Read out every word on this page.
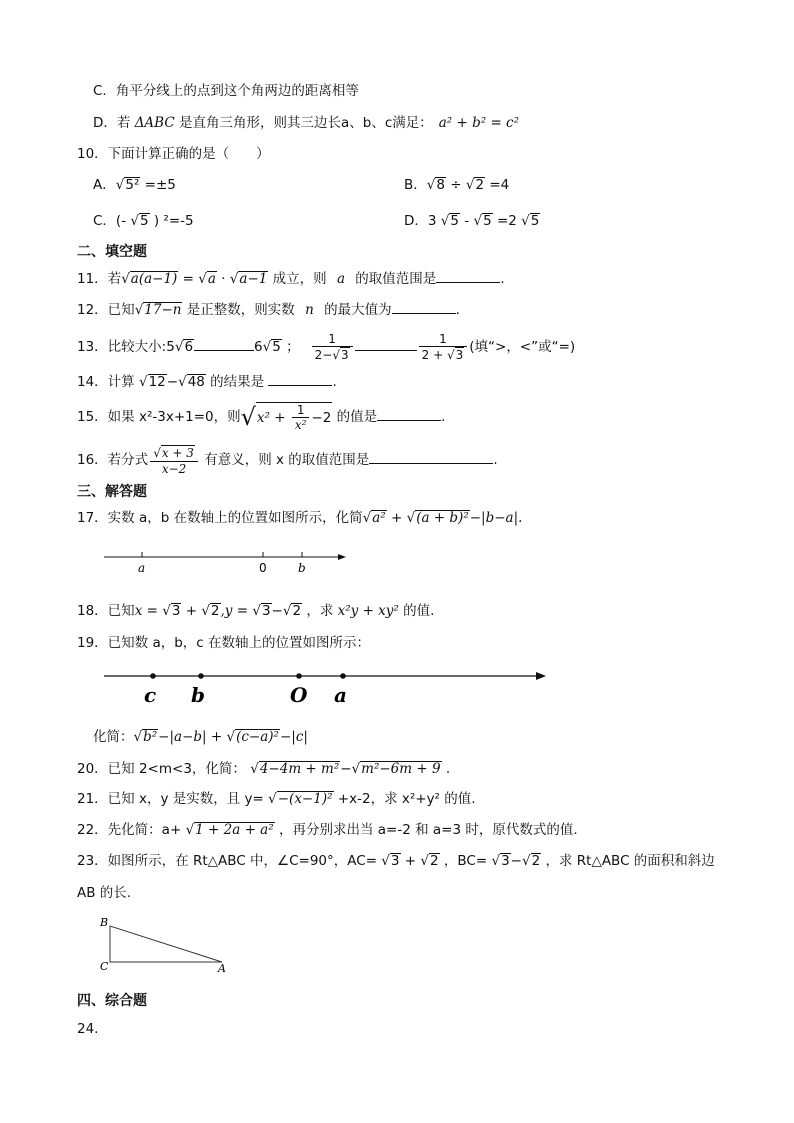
C．角平分线上的点到这个角两边的距离相等
D．若 ΔABC 是直角三角形，则其三边长a、b、c满足： a² + b² = c²
10．下面计算正确的是（　　）
A．√5² =±5	B．√8 ÷ √2 =4
C．(- √5 ) ²=-5	D．3 √5 - √5 =2 √5
二、填空题
11．若√a(a−1) = √a · √a−1 成立，则 a 的取值范围是	.
12．已知√17−n 是正整数，则实数 n 的最大值为	.
13．比较大小:5√6	6√5 ； $\frac{1}{2-√3}$	$\frac{1}{2 + √3}$ (填“>，<”或“=)
14．计算 √12−√48 的结果是	.
15．如果 x²-3x+1=0，则$√x^2 + \frac{1}{\text{x²}} -2$ 的值是	.
16．若分式 $\frac{√x + 3}{x-2}$ 有意义，则 x 的取值范围是	.
三、解答题
17．实数 a，b 在数轴上的位置如图所示，化简√a² + √(a + b)²−|b−a|.
a	0	b
18．已知x = √3 + √2,y = √3−√2 ，求 x²y + xy² 的值.
19．已知数 a，b，c 在数轴上的位置如图所示：
c b	O a
化简：√b²−|a−b| + √(c−a)²−|c|
20．已知 2<m<3，化简： √4−4m + m²−√m²−6m + 9 .
21．已知 x，y 是实数，且 y= √−(x−1)² +x-2，求 x²+y² 的值.
22．先化简：a+ √1 + 2a + a² ，再分别求出当 a=-2 和 a=3 时，原代数式的值.
23．如图所示，在 Rt△ABC 中，∠C=90°，AC= √3 + √2 ，BC= √3−√2 ，求 Rt△ABC 的面积和斜边
AB 的长.
B
C	A
四、综合题
24.
